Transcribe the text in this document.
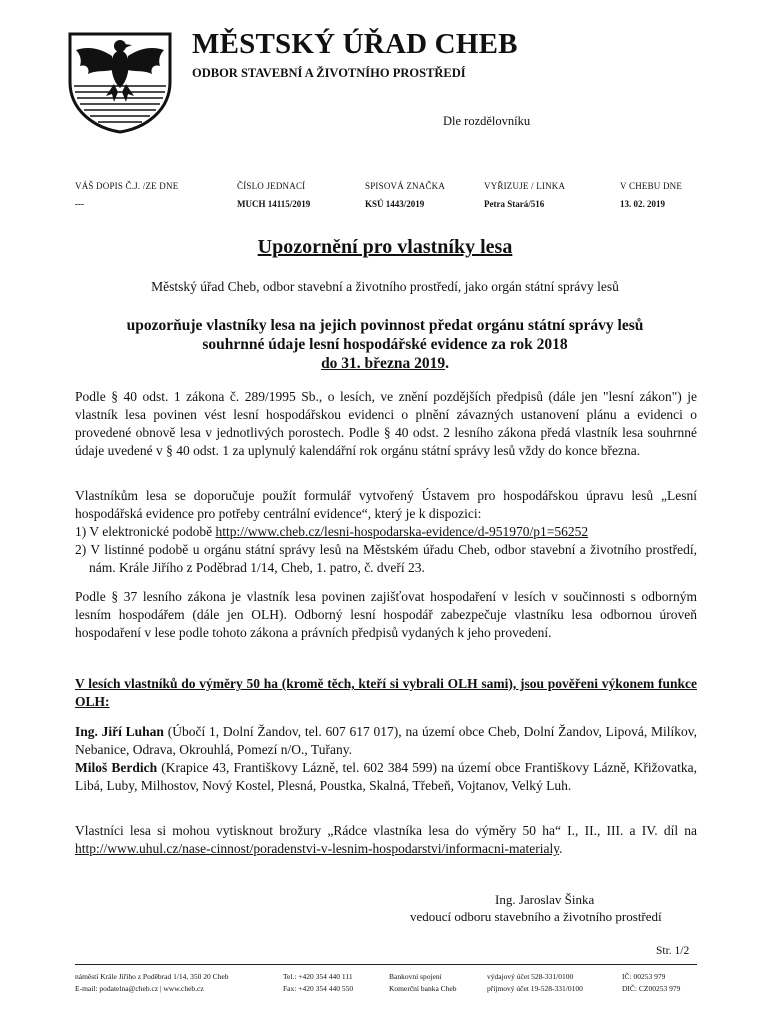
MĚSTSKÝ ÚŘAD CHEB
ODBOR STAVEBNÍ A ŽIVOTNÍHO PROSTŘEDÍ
Dle rozdělovníku
VÁŠ DOPIS Č.J. /ZE DNE	ČÍSLO JEDNACÍ	SPISOVÁ ZNAČKA	VYŘIZUJE / LINKA	V CHEBU DNE
---	MUCH 14115/2019	KSÚ 1443/2019	Petra Stará/516	13. 02. 2019
Upozornění pro vlastníky lesa
Městský úřad Cheb, odbor stavební a životního prostředí, jako orgán státní správy lesů
upozorňuje vlastníky lesa na jejich povinnost předat orgánu státní správy lesů
souhrnné údaje lesní hospodářské evidence za rok 2018
do 31. března 2019.

Podle § 40 odst. 1 zákona č. 289/1995 Sb., o lesích, ve znění pozdějších předpisů (dále jen "lesní zákon") je vlastník lesa povinen vést lesní hospodářskou evidenci o plnění závazných ustanovení plánu a evidenci o provedené obnově lesa v jednotlivých porostech. Podle § 40 odst. 2 lesního zákona předá vlastník lesa souhrnné údaje uvedené v § 40 odst. 1 za uplynulý kalendářní rok orgánu státní správy lesů vždy do konce března.

Vlastníkům lesa se doporučuje použít formulář vytvořený Ústavem pro hospodářskou úpravu lesů „Lesní hospodářská evidence pro potřeby centrální evidence“, který je k dispozici:

1) V elektronické podobě http://www.cheb.cz/lesni-hospodarska-evidence/d-951970/p1=56252

2) V listinné podobě u orgánu státní správy lesů na Městském úřadu Cheb, odbor stavební a životního prostředí, nám. Krále Jiřího z Poděbrad 1/14, Cheb, 1. patro, č. dveří 23.

Podle § 37 lesního zákona je vlastník lesa povinen zajišťovat hospodaření v lesích v součinnosti s odborným lesním hospodářem (dále jen OLH). Odborný lesní hospodář zabezpečuje vlastníku lesa odbornou úroveň hospodaření v lese podle tohoto zákona a právních předpisů vydaných k jeho provedení.

V lesích vlastníků do výměry 50 ha (kromě těch, kteří si vybrali OLH sami), jsou pověřeni výkonem funkce OLH:

Ing. Jiří Luhan (Úbočí 1, Dolní Žandov, tel. 607 617 017), na území obce Cheb, Dolní Žandov, Lipová, Milíkov, Nebanice, Odrava, Okrouhlá, Pomezí n/O., Tuřany.

Miloš Berdich (Krapice 43, Františkovy Lázně, tel. 602 384 599) na území obce Františkovy Lázně, Křižovatka, Libá, Luby, Milhostov, Nový Kostel, Plesná, Poustka, Skalná, Třebeň, Vojtanov, Velký Luh.

Vlastníci lesa si mohou vytisknout brožury „Rádce vlastníka lesa do výměry 50 ha“ I., II., III. a IV. díl na http://www.uhul.cz/nase-cinnost/poradenstvi-v-lesnim-hospodarstvi/informacni-materialy.

Ing. Jaroslav Šinka
vedoucí odboru stavebního a životního prostředí
Str. 1/2
náměstí Krále Jiřího z Poděbrad 1/14, 350 20 Cheb
E-mail: podatelna@cheb.cz | www.cheb.cz
Tel.: +420 354 440 111
Fax: +420 354 440 550
Bankovní spojení
Komerční banka Cheb
výdajový účet 528-331/0100
příjmový účet 19-528-331/0100
IČ: 00253 979
DIČ: CZ00253 979
